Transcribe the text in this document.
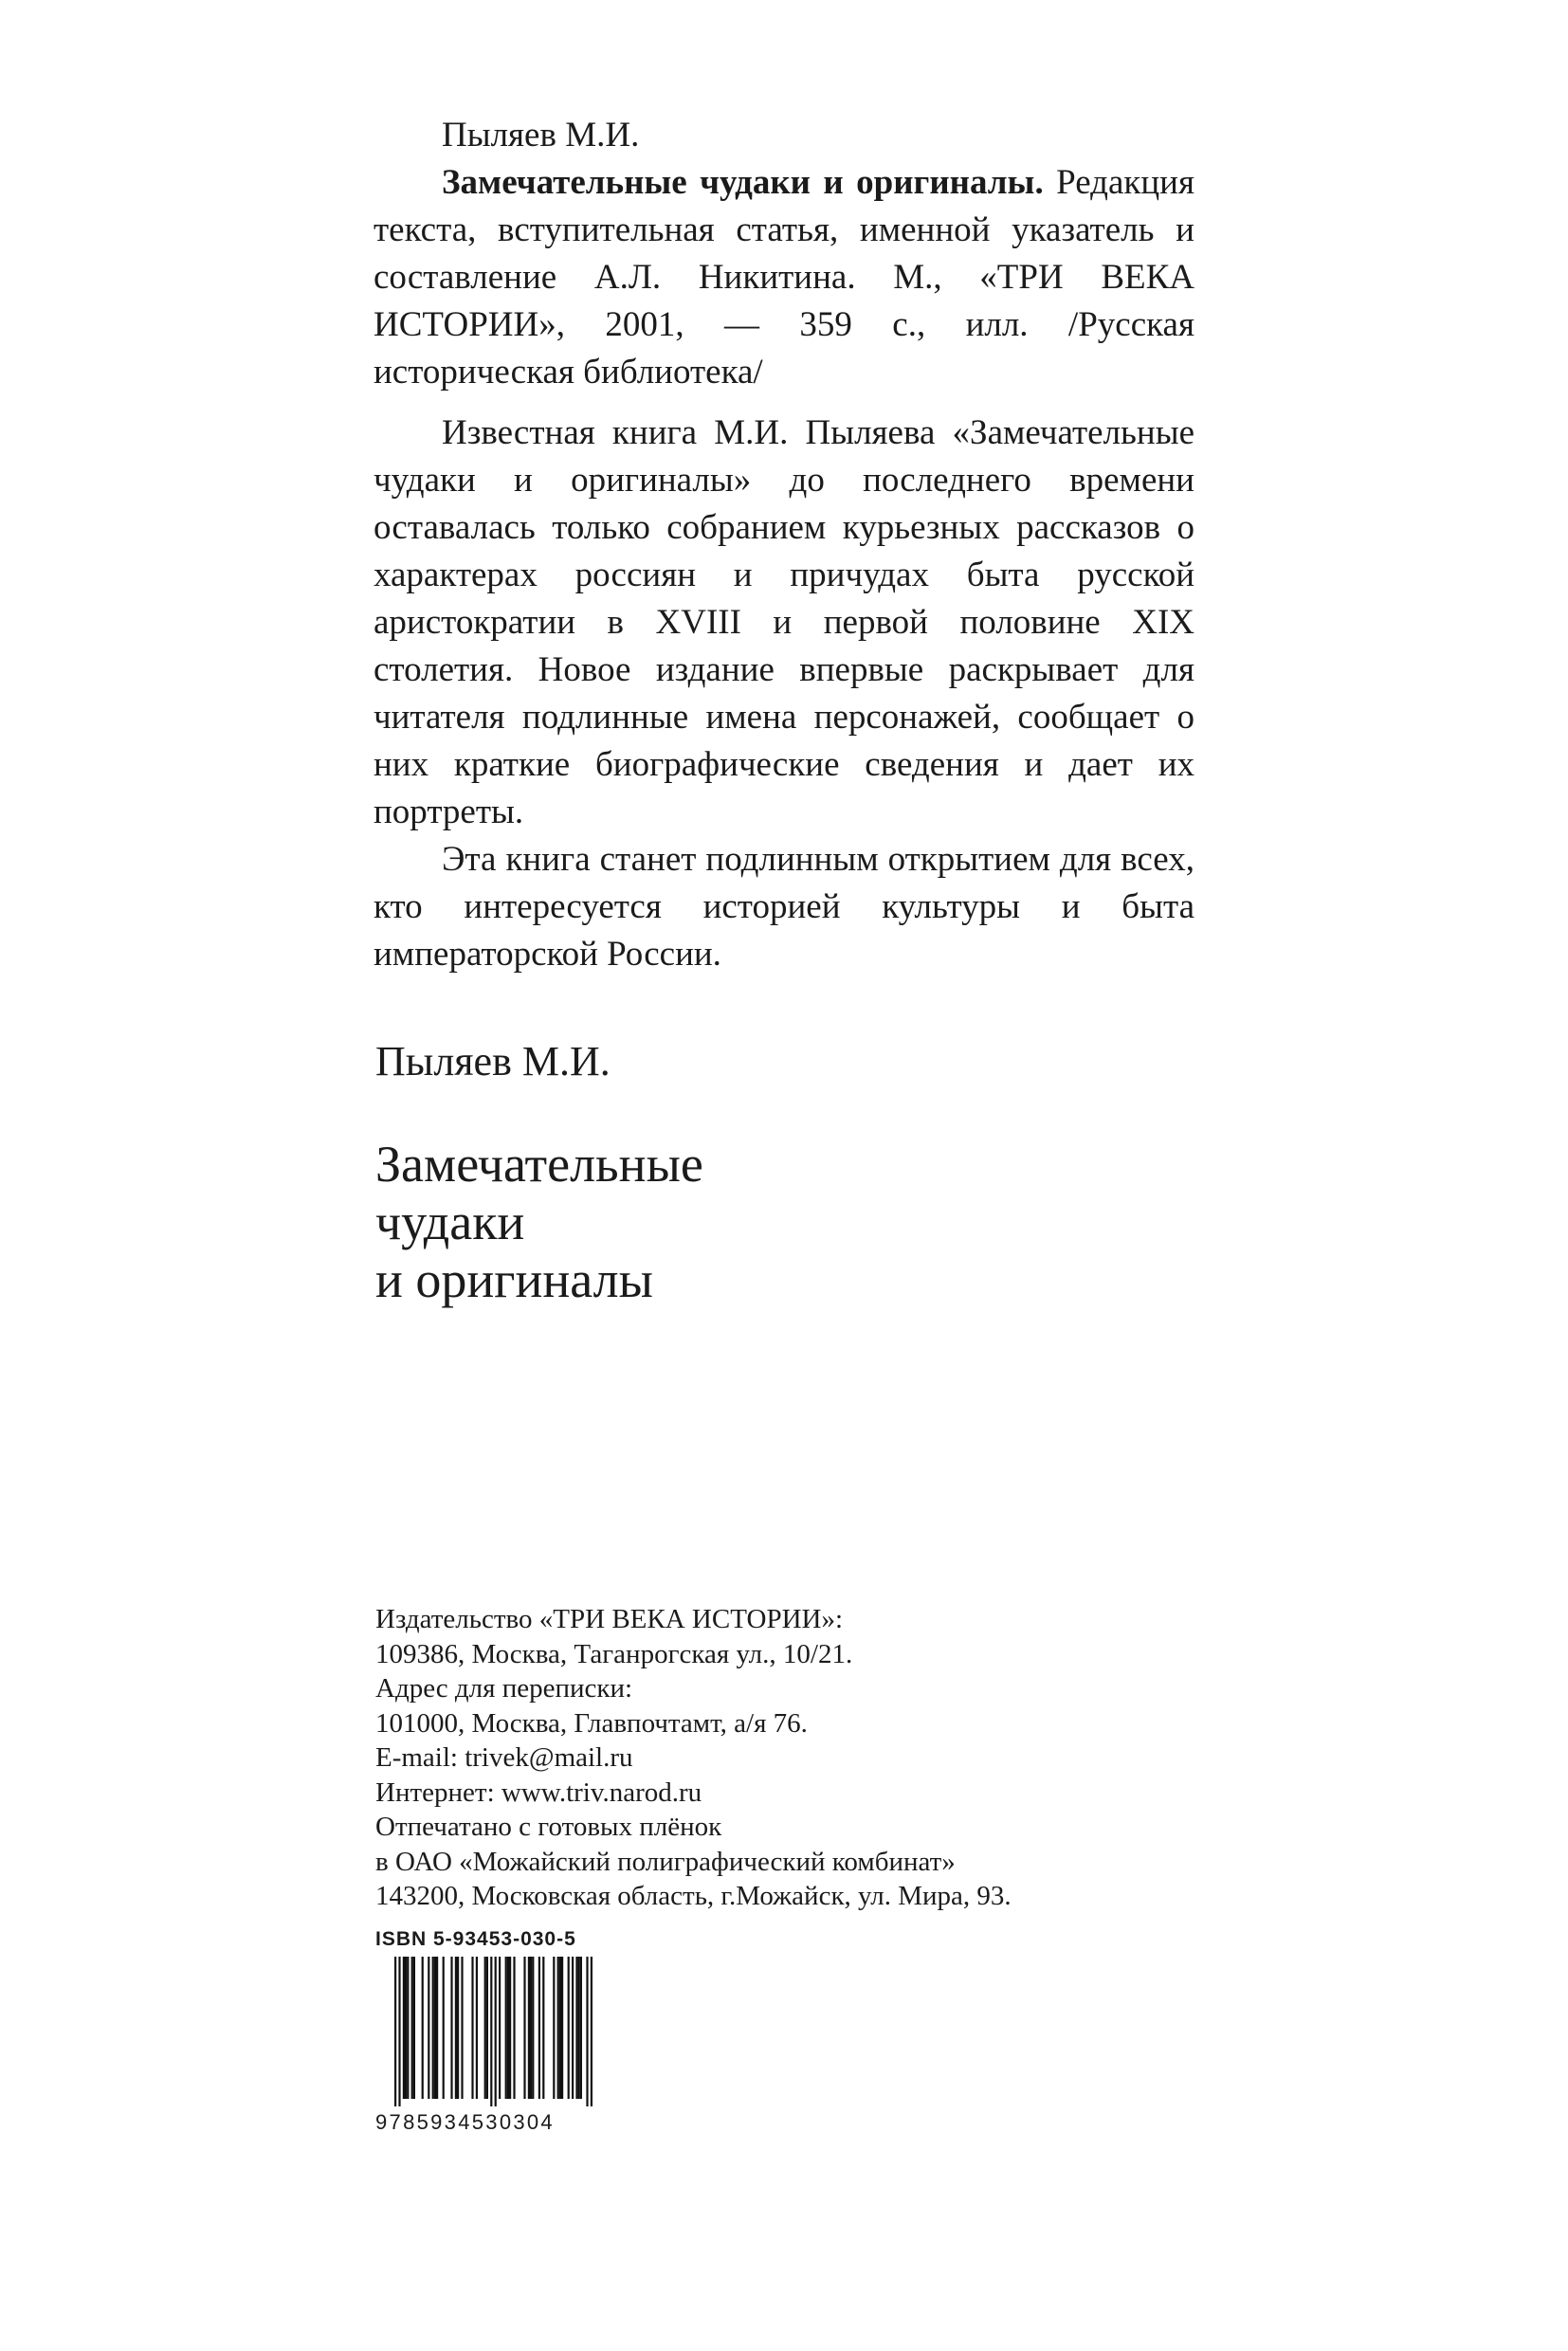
Пыляев М.И.

Замечательные чудаки и оригиналы. Редакция текста, вступительная статья, именной указатель и составление А.Л. Никитина. М., «ТРИ ВЕКА ИСТОРИИ», 2001, — 359 с., илл. /Русская историческая библиотека/

Известная книга М.И. Пыляева «Замечательные чудаки и оригиналы» до последнего времени оставалась только собранием курьезных рассказов о характерах россиян и причудах быта русской аристократии в XVIII и первой половине XIX столетия. Новое издание впервые раскрывает для читателя подлинные имена персонажей, сообщает о них краткие биографические сведения и дает их портреты.

Эта книга станет подлинным открытием для всех, кто интересуется историей культуры и быта императорской России.

Пыляев М.И.
Замечательные
чудаки
и оригиналы
Издательство «ТРИ ВЕКА ИСТОРИИ»:
109386, Москва, Таганрогская ул., 10/21.
Адрес для переписки:
101000, Москва, Главпочтамт, а/я 76.
E-mail: trivek@mail.ru
Интернет: www.triv.narod.ru
Отпечатано с готовых плёнок
в ОАО «Можайский полиграфический комбинат»
143200, Московская область, г.Можайск, ул. Мира, 93.
ISBN 5-93453-030-5
9785934530304
